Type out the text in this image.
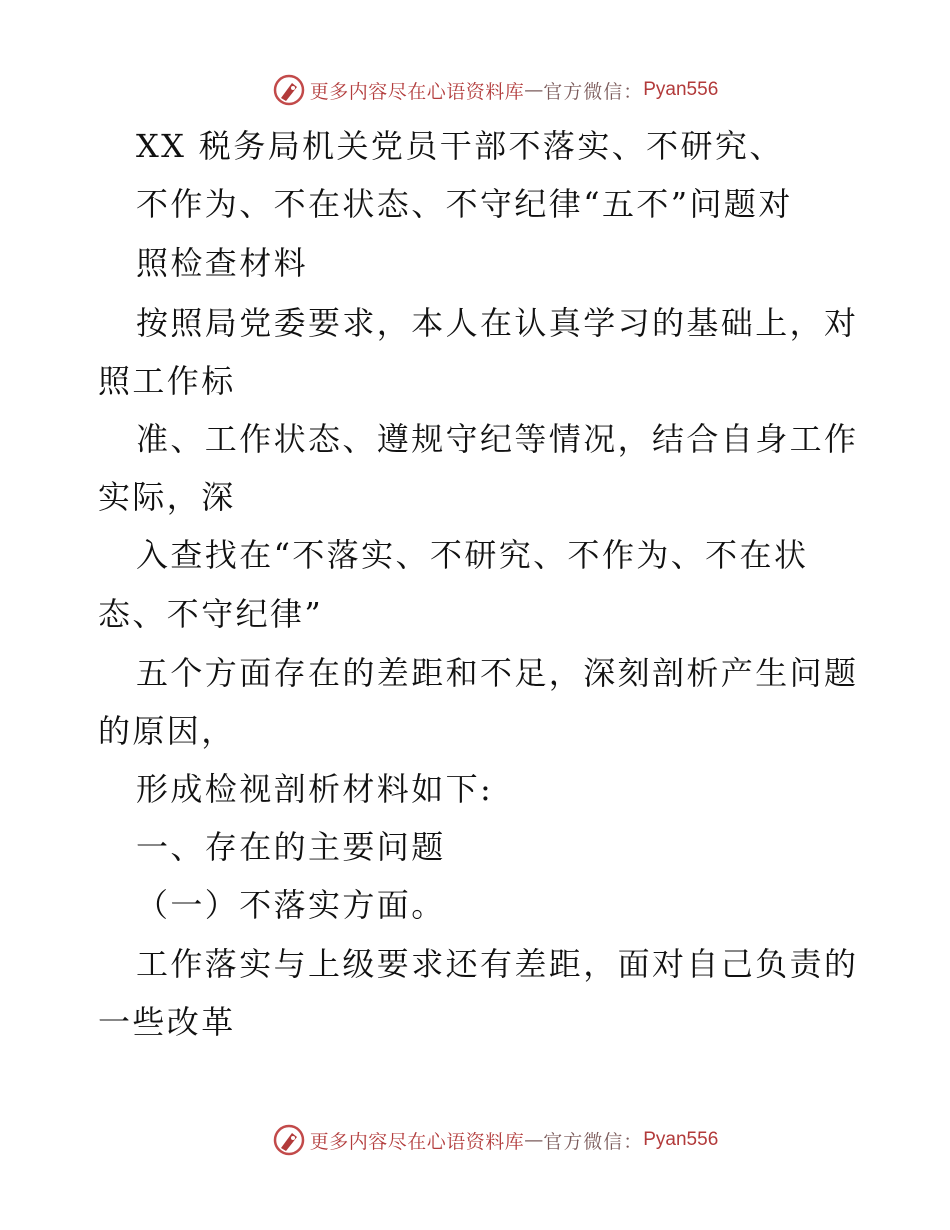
更多内容尽在心语资料库 — 官方微信： Pyan556
XX 税务局机关党员干部不落实、不研究、
不作为、不在状态、不守纪律“五不”问题对
照检查材料
按照局党委要求，本人在认真学习的基础上，对
照工作标
准、工作状态、遵规守纪等情况，结合自身工作
实际，深
入查找在“不落实、不研究、不作为、不在状
态、不守纪律”
五个方面存在的差距和不足，深刻剖析产生问题
的原因，
形成检视剖析材料如下:
一、存在的主要问题
（一）不落实方面。
工作落实与上级要求还有差距，面对自己负责的
一些改革
更多内容尽在心语资料库 — 官方微信： Pyan556
